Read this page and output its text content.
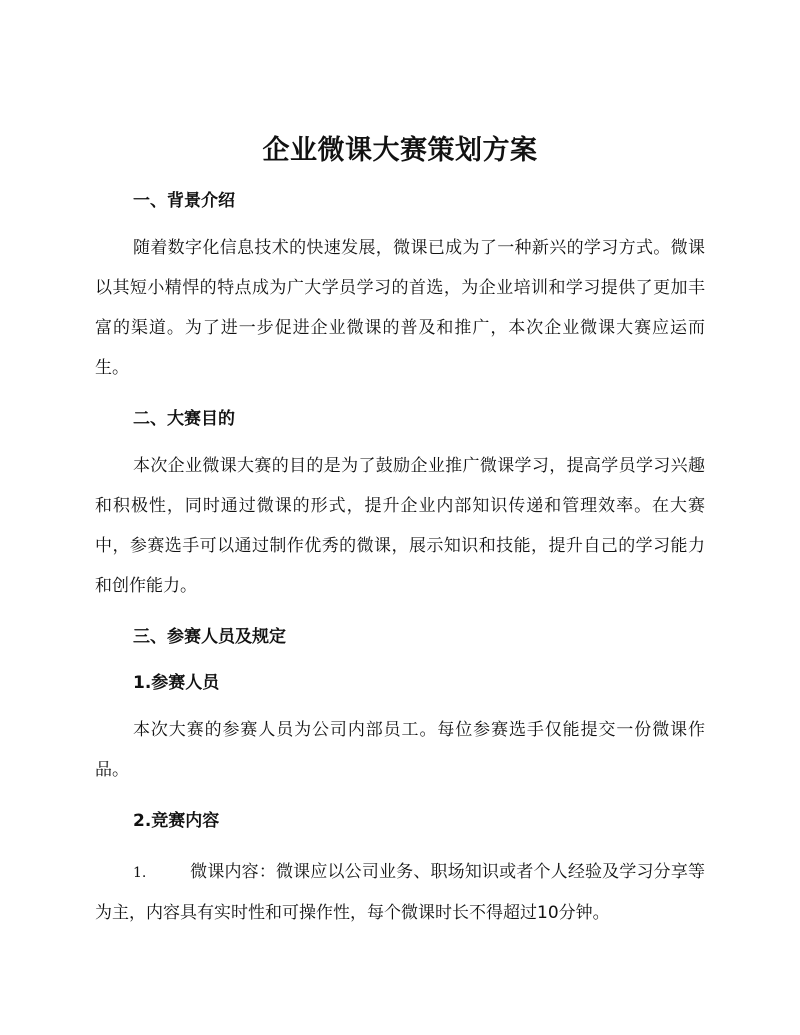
企业微课大赛策划方案
一、背景介绍

随着数字化信息技术的快速发展，微课已成为了一种新兴的学习方式。微课以其短小精悍的特点成为广大学员学习的首选，为企业培训和学习提供了更加丰富的渠道。为了进一步促进企业微课的普及和推广，本次企业微课大赛应运而生。

二、大赛目的

本次企业微课大赛的目的是为了鼓励企业推广微课学习，提高学员学习兴趣和积极性，同时通过微课的形式，提升企业内部知识传递和管理效率。在大赛中，参赛选手可以通过制作优秀的微课，展示知识和技能，提升自己的学习能力和创作能力。

三、参赛人员及规定
1.参赛人员

本次大赛的参赛人员为公司内部员工。每位参赛选手仅能提交一份微课作品。

2.竞赛内容

1.	微课内容：微课应以公司业务、职场知识或者个人经验及学习分享等为主，内容具有实时性和可操作性，每个微课时长不得超过10分钟。
